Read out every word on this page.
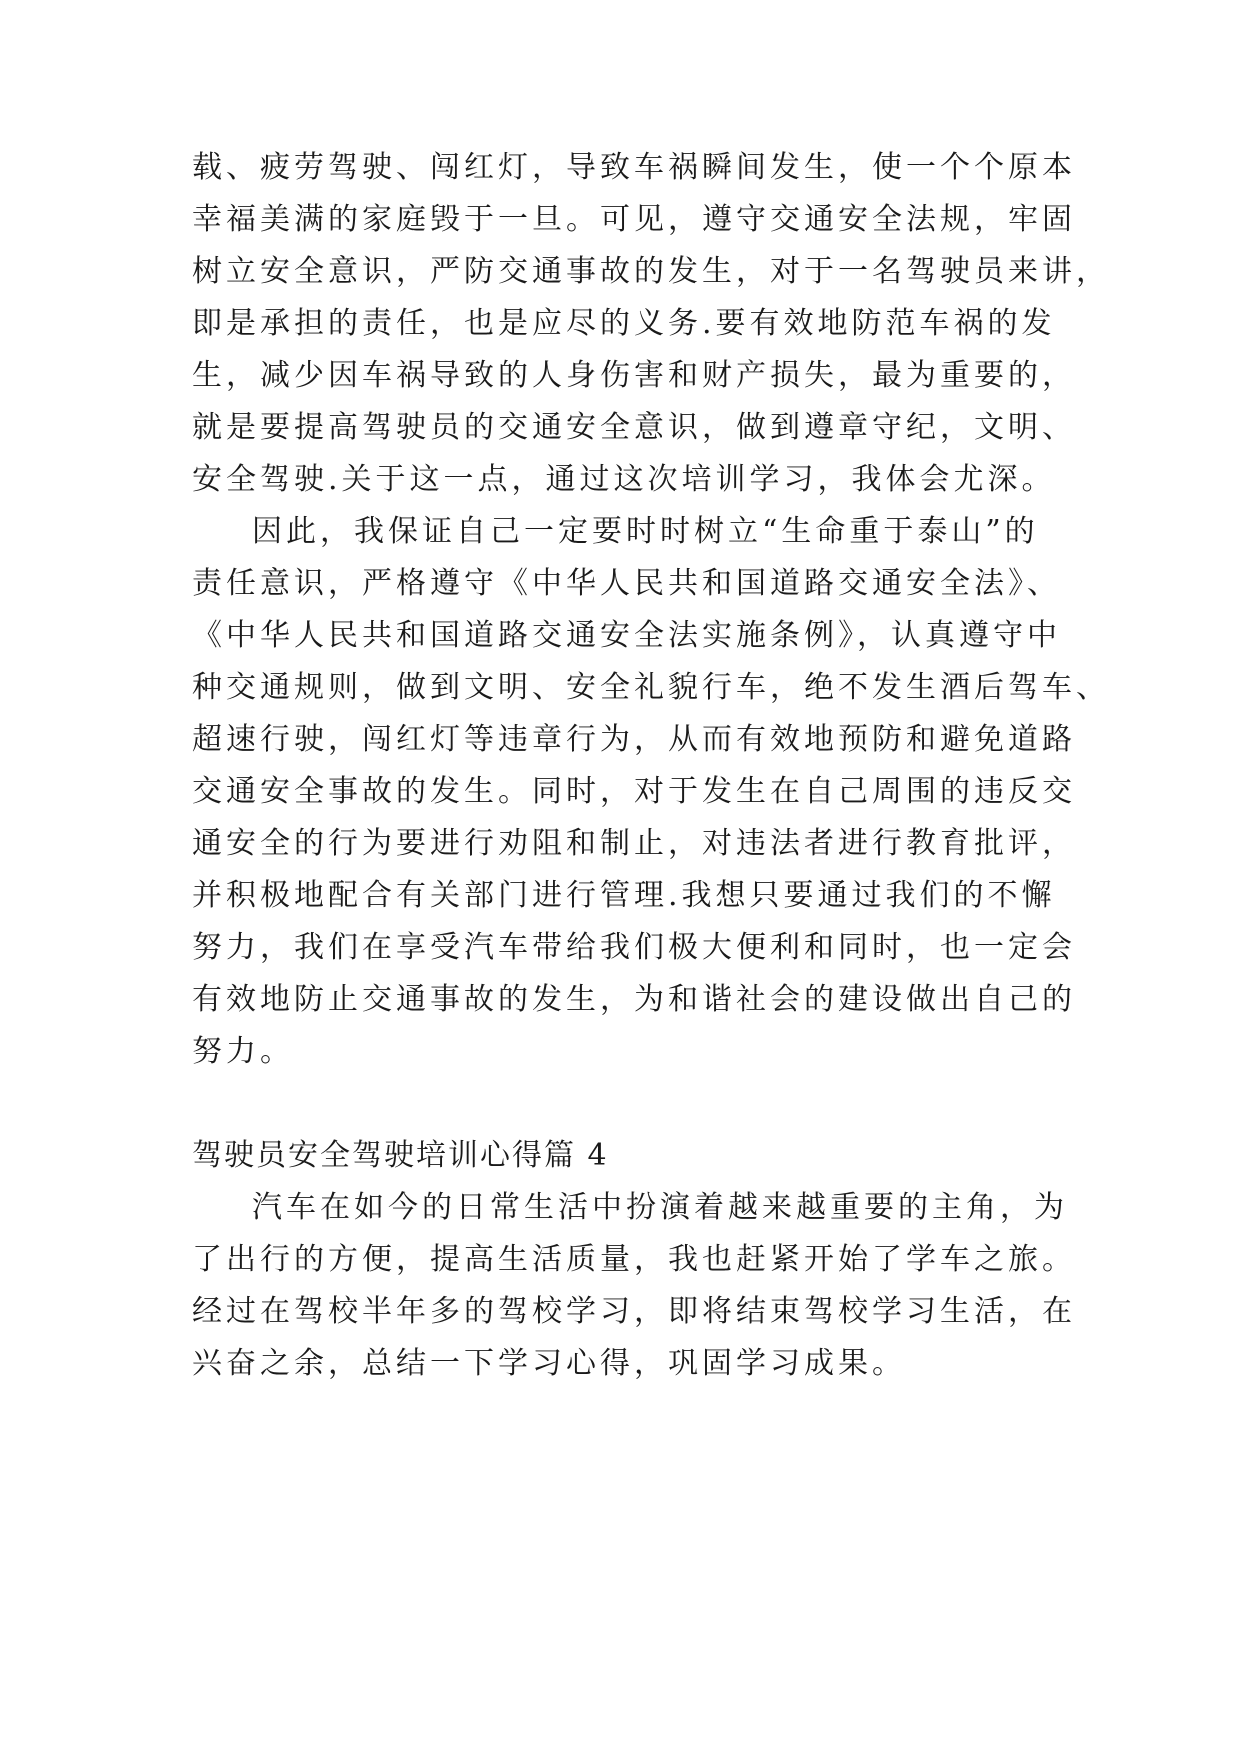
载、疲劳驾驶、闯红灯，导致车祸瞬间发生，使一个个原本
幸福美满的家庭毁于一旦。可见，遵守交通安全法规，牢固
树立安全意识，严防交通事故的发生，对于一名驾驶员来讲，
即是承担的责任，也是应尽的义务.要有效地防范车祸的发
生，减少因车祸导致的人身伤害和财产损失，最为重要的，
就是要提高驾驶员的交通安全意识，做到遵章守纪，文明、
安全驾驶.关于这一点，通过这次培训学习，我体会尤深。
因此，我保证自己一定要时时树立“生命重于泰山”的
责任意识，严格遵守《中华人民共和国道路交通安全法》、
《中华人民共和国道路交通安全法实施条例》，认真遵守中
种交通规则，做到文明、安全礼貌行车，绝不发生酒后驾车、
超速行驶，闯红灯等违章行为，从而有效地预防和避免道路
交通安全事故的发生。同时，对于发生在自己周围的违反交
通安全的行为要进行劝阻和制止，对违法者进行教育批评，
并积极地配合有关部门进行管理.我想只要通过我们的不懈
努力，我们在享受汽车带给我们极大便利和同时，也一定会
有效地防止交通事故的发生，为和谐社会的建设做出自己的
努力。
驾驶员安全驾驶培训心得篇 4
汽车在如今的日常生活中扮演着越来越重要的主角，为
了出行的方便，提高生活质量，我也赶紧开始了学车之旅。
经过在驾校半年多的驾校学习，即将结束驾校学习生活，在
兴奋之余，总结一下学习心得，巩固学习成果。
